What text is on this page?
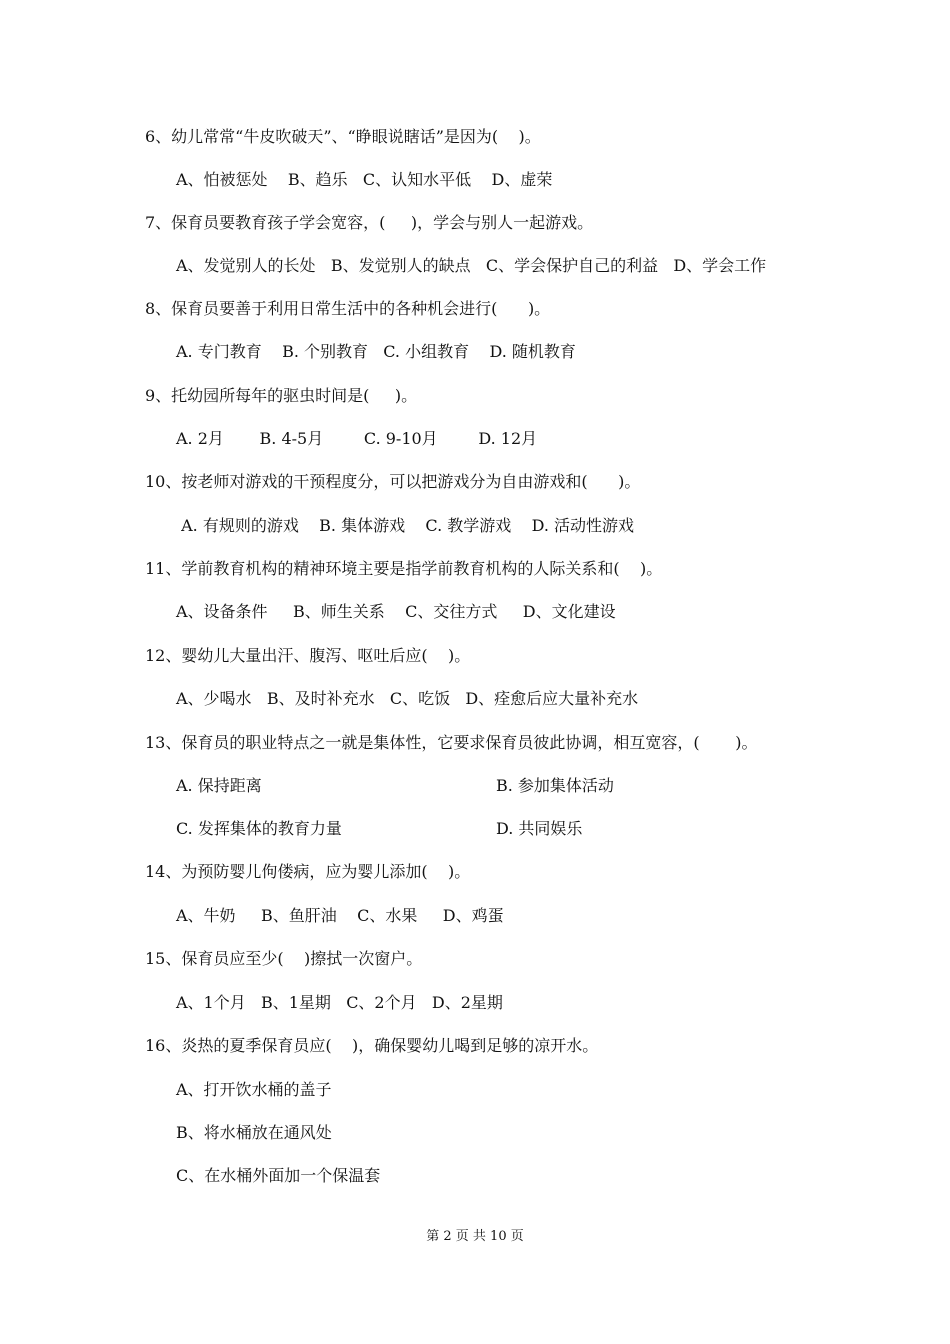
6、幼儿常常“牛皮吹破天”、“睁眼说瞎话”是因为(    )。
A、怕被惩处    B、趋乐   C、认知水平低    D、虚荣
7、保育员要教育孩子学会宽容，(     )，学会与别人一起游戏。
A、发觉别人的长处   B、发觉别人的缺点   C、学会保护自己的利益   D、学会工作
8、保育员要善于利用日常生活中的各种机会进行(      )。
A. 专门教育    B. 个别教育   C. 小组教育    D. 随机教育
9、托幼园所每年的驱虫时间是(     )。
A. 2月       B. 4-5月        C. 9-10月        D. 12月
10、按老师对游戏的干预程度分，可以把游戏分为自由游戏和(      )。
A. 有规则的游戏    B. 集体游戏    C. 教学游戏    D. 活动性游戏
11、学前教育机构的精神环境主要是指学前教育机构的人际关系和(    )。
A、设备条件     B、师生关系    C、交往方式     D、文化建设
12、婴幼儿大量出汗、腹泻、呕吐后应(    )。
A、少喝水   B、及时补充水   C、吃饭   D、痊愈后应大量补充水
13、保育员的职业特点之一就是集体性，它要求保育员彼此协调，相互宽容，(       )。
A. 保持距离	B. 参加集体活动
C. 发挥集体的教育力量	D. 共同娱乐
14、为预防婴儿佝偻病，应为婴儿添加(    )。
A、牛奶     B、鱼肝油    C、水果     D、鸡蛋
15、保育员应至少(    )擦拭一次窗户。
A、1个月   B、1星期   C、2个月   D、2星期
16、炎热的夏季保育员应(    )，确保婴幼儿喝到足够的凉开水。
A、打开饮水桶的盖子
B、将水桶放在通风处
C、在水桶外面加一个保温套
第 2 页 共 10 页
